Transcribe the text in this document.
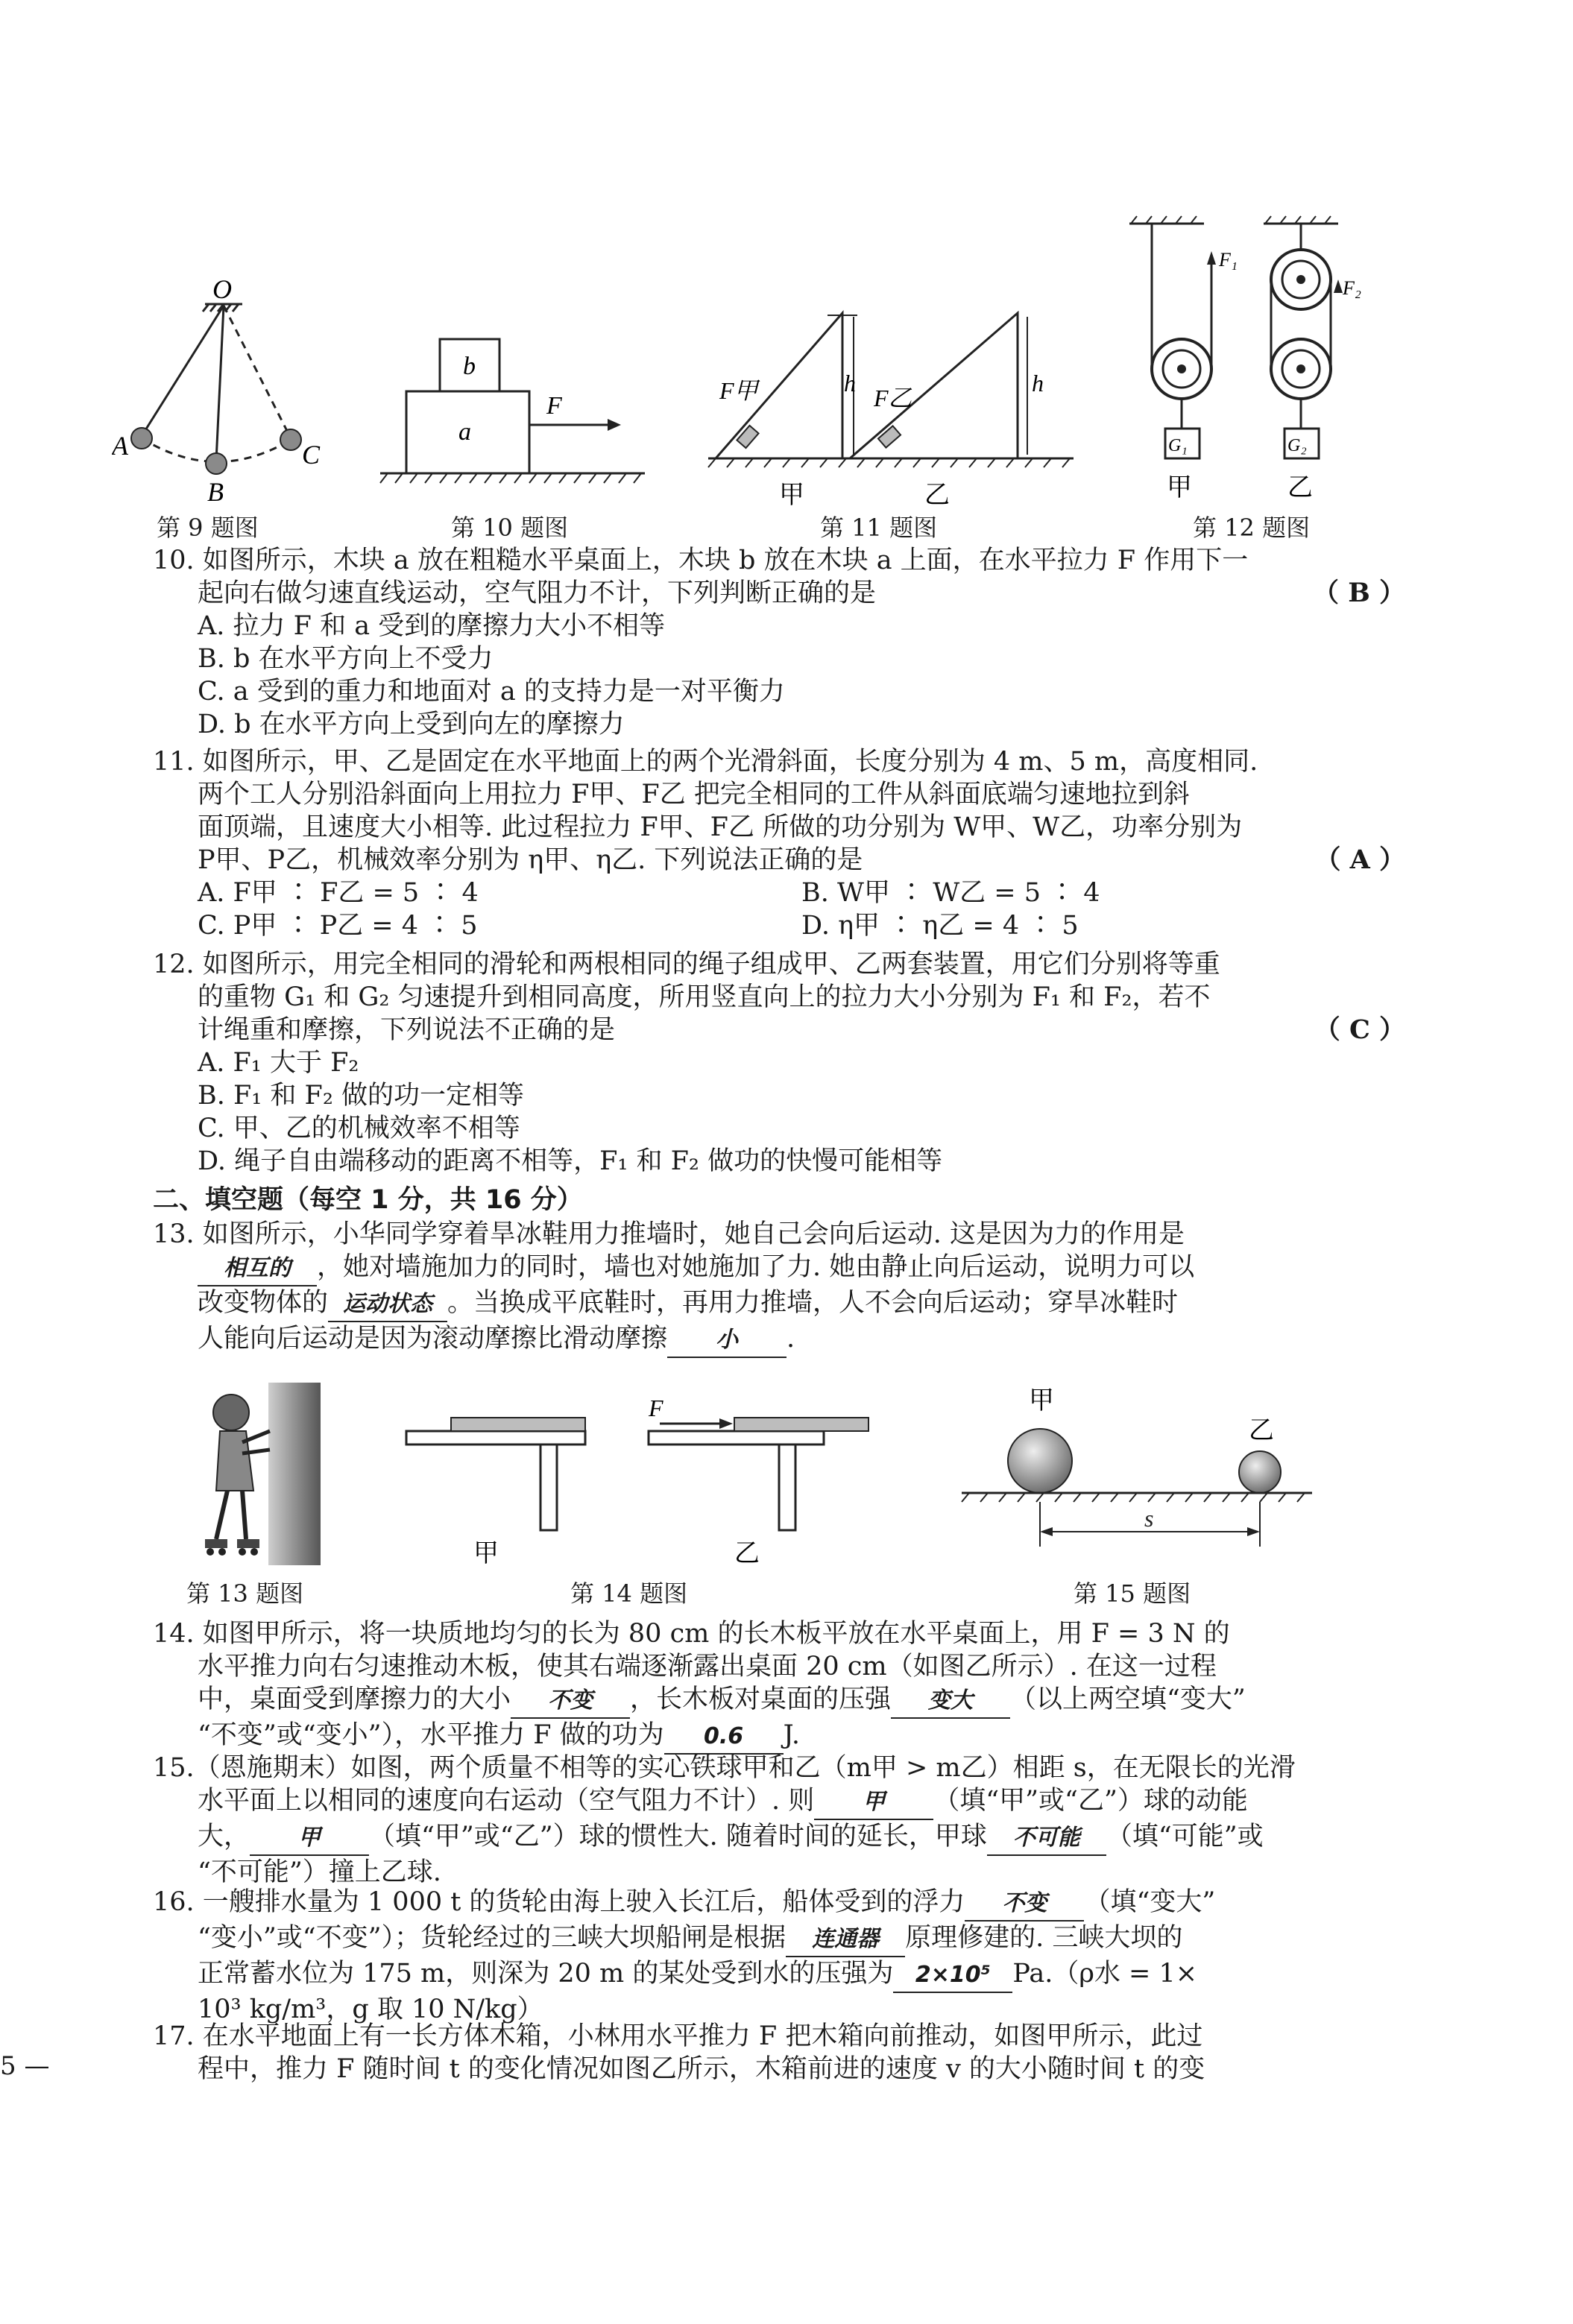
O
A
B
C
第 9 题图
b
a
F
第 10 题图
F甲	F乙
h	h
甲	乙
第 11 题图
F₁
G₁
甲
F₂
G₂
乙
第 12 题图
10. 如图所示，木块 a 放在粗糙水平桌面上，木块 b 放在木块 a 上面，在水平拉力 F 作用下一
起向右做匀速直线运动，空气阻力不计，下列判断正确的是	（ B ）
A. 拉力 F 和 a 受到的摩擦力大小不相等
B. b 在水平方向上不受力
C. a 受到的重力和地面对 a 的支持力是一对平衡力
D. b 在水平方向上受到向左的摩擦力
11. 如图所示，甲、乙是固定在水平地面上的两个光滑斜面，长度分别为 4 m、5 m，高度相同.
两个工人分别沿斜面向上用拉力 F甲、F乙 把完全相同的工件从斜面底端匀速地拉到斜
面顶端，且速度大小相等. 此过程拉力 F甲、F乙 所做的功分别为 W甲、W乙，功率分别为
P甲、P乙，机械效率分别为 η甲、η乙. 下列说法正确的是	（ A ）
A. F甲 ∶ F乙 = 5 ∶ 4	B. W甲 ∶ W乙 = 5 ∶ 4
C. P甲 ∶ P乙 = 4 ∶ 5	D. η甲 ∶ η乙 = 4 ∶ 5
12. 如图所示，用完全相同的滑轮和两根相同的绳子组成甲、乙两套装置，用它们分别将等重
的重物 G₁ 和 G₂ 匀速提升到相同高度，所用竖直向上的拉力大小分别为 F₁ 和 F₂，若不
计绳重和摩擦，下列说法不正确的是	（ C ）
A. F₁ 大于 F₂
B. F₁ 和 F₂ 做的功一定相等
C. 甲、乙的机械效率不相等
D. 绳子自由端移动的距离不相等，F₁ 和 F₂ 做功的快慢可能相等
二、填空题（每空 1 分，共 16 分）
13. 如图所示，小华同学穿着旱冰鞋用力推墙时，她自己会向后运动. 这是因为力的作用是
相互的 ，她对墙施加力的同时，墙也对她施加了力. 她由静止向后运动，说明力可以
改变物体的 运动状态 。当换成平底鞋时，再用力推墙，人不会向后运动；穿旱冰鞋时
人能向后运动是因为滚动摩擦比滑动摩擦 小 .
第 13 题图
甲
F
乙
第 14 题图
甲
乙
s
第 15 题图
14. 如图甲所示，将一块质地均匀的长为 80 cm 的长木板平放在水平桌面上，用 F = 3 N 的
水平推力向右匀速推动木板，使其右端逐渐露出桌面 20 cm（如图乙所示）. 在这一过程
中，桌面受到摩擦力的大小 不变 ，长木板对桌面的压强 变大 （以上两空填“变大”
“不变”或“变小”），水平推力 F 做的功为 0.6 J.
15.（恩施期末）如图，两个质量不相等的实心铁球甲和乙（m甲 > m乙）相距 s，在无限长的光滑
水平面上以相同的速度向右运动（空气阻力不计）. 则 甲 （填“甲”或“乙”）球的动能
大， 甲 （填“甲”或“乙”）球的惯性大. 随着时间的延长，甲球 不可能 （填“可能”或
“不可能”）撞上乙球.
16. 一艘排水量为 1 000 t 的货轮由海上驶入长江后，船体受到的浮力 不变 （填“变大”
“变小”或“不变”）；货轮经过的三峡大坝船闸是根据 连通器 原理修建的. 三峡大坝的
正常蓄水位为 175 m，则深为 20 m 的某处受到水的压强为 2×10⁵ Pa.（ρ水 = 1×
10³ kg/m³，g 取 10 N/kg）
17. 在水平地面上有一长方体木箱，小林用水平推力 F 把木箱向前推动，如图甲所示，此过
程中，推力 F 随时间 t 的变化情况如图乙所示，木箱前进的速度 v 的大小随时间 t 的变
5 —
